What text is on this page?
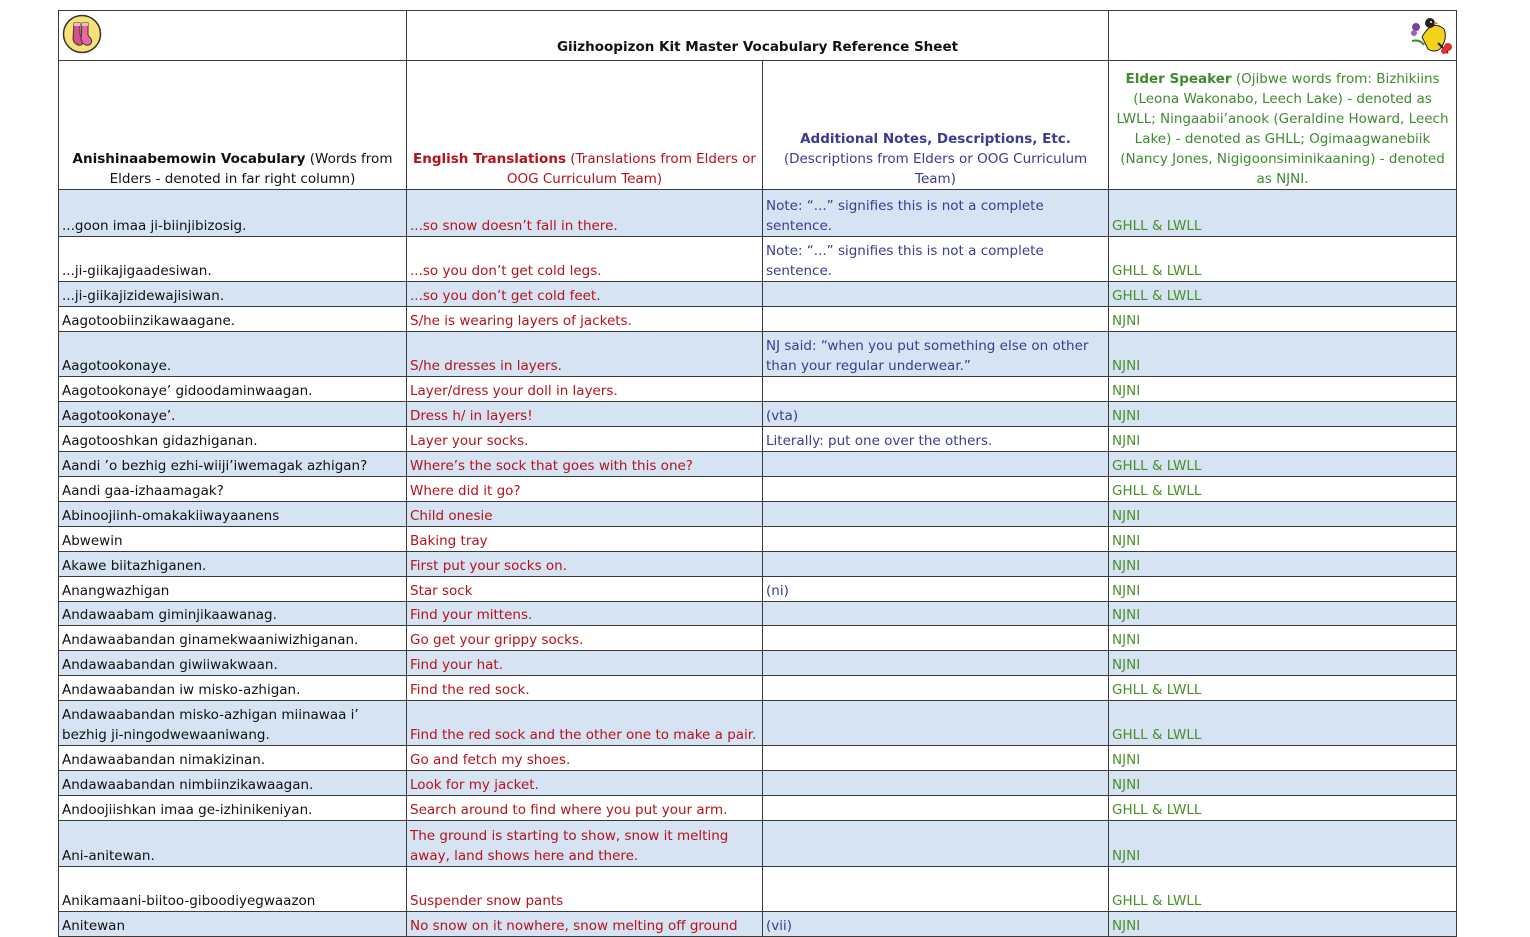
	Giizhoopizon Kit Master Vocabulary Reference Sheet	

Anishinaabemowin Vocabulary (Words from Elders - denoted in far right column)	English Translations (Translations from Elders or OOG Curriculum Team)	Additional Notes, Descriptions, Etc. (Descriptions from Elders or OOG Curriculum Team)	Elder Speaker (Ojibwe words from: Bizhikiins (Leona Wakonabo, Leech Lake) - denoted as LWLL; Ningaabii’anook (Geraldine Howard, Leech Lake) - denoted as GHLL; Ogimaagwanebiik (Nancy Jones, Nigigoonsiminikaaning) - denoted as NJNI.
...goon imaa ji-biinjibizosig.	...so snow doesn’t fall in there.	Note: “...” signifies this is not a complete sentence.	GHLL & LWLL
...ji-giikajigaadesiwan.	...so you don’t get cold legs.	Note: “...” signifies this is not a complete sentence.	GHLL & LWLL
...ji-giikajizidewajisiwan.	...so you don’t get cold feet.		GHLL & LWLL
Aagotoobiinzikawaagane.	S/he is wearing layers of jackets.		NJNI
Aagotookonaye.	S/he dresses in layers.	NJ said: “when you put something else on other than your regular underwear.”	NJNI
Aagotookonaye’ gidoodaminwaagan.	Layer/dress your doll in layers.		NJNI
Aagotookonaye’.	Dress h/ in layers!	(vta)	NJNI
Aagotooshkan gidazhiganan.	Layer your socks.	Literally: put one over the others.	NJNI
Aandi ’o bezhig ezhi-wiiji’iwemagak azhigan?	Where’s the sock that goes with this one?		GHLL & LWLL
Aandi gaa-izhaamagak?	Where did it go?		GHLL & LWLL
Abinoojiinh-omakakiiwayaanens	Child onesie		NJNI
Abwewin	Baking tray		NJNI
Akawe biitazhiganen.	First put your socks on.		NJNI
Anangwazhigan	Star sock	(ni)	NJNI
Andawaabam giminjikaawanag.	Find your mittens.		NJNI
Andawaabandan ginamekwaaniwizhiganan.	Go get your grippy socks.		NJNI
Andawaabandan giwiiwakwaan.	Find your hat.		NJNI
Andawaabandan iw misko-azhigan.	Find the red sock.		GHLL & LWLL
Andawaabandan misko-azhigan miinawaa i’ bezhig ji-ningodwewaaniwang.	Find the red sock and the other one to make a pair.		GHLL & LWLL
Andawaabandan nimakizinan.	Go and fetch my shoes.		NJNI
Andawaabandan nimbiinzikawaagan.	Look for my jacket.		NJNI
Andoojiishkan imaa ge-izhinikeniyan.	Search around to find where you put your arm.		GHLL & LWLL
Ani-anitewan.	The ground is starting to show, snow it melting away, land shows here and there.		NJNI
Anikamaani-biitoo-giboodiyegwaazon	Suspender snow pants		GHLL & LWLL
Anitewan	No snow on it nowhere, snow melting off ground	(vii)	NJNI
